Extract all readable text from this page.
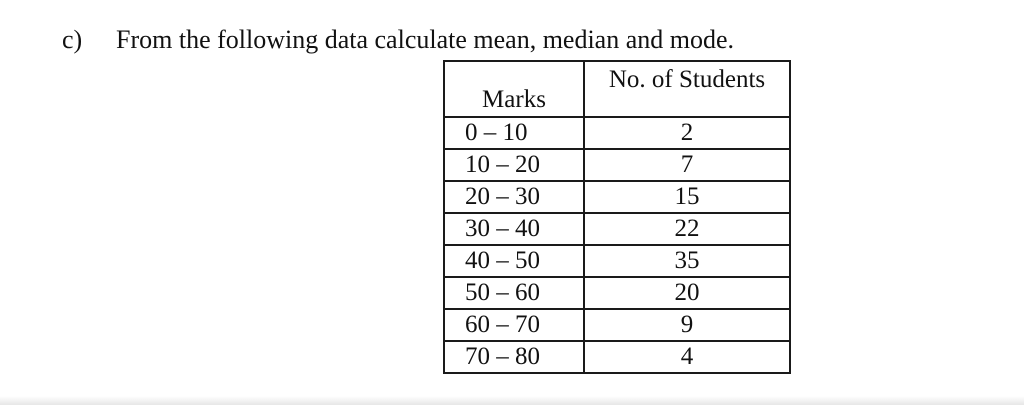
c) From the following data calculate mean, median and mode.
Marks	No. of Students
0 – 10	2
10 – 20	7
20 – 30	15
30 – 40	22
40 – 50	35
50 – 60	20
60 – 70	9
70 – 80	4
